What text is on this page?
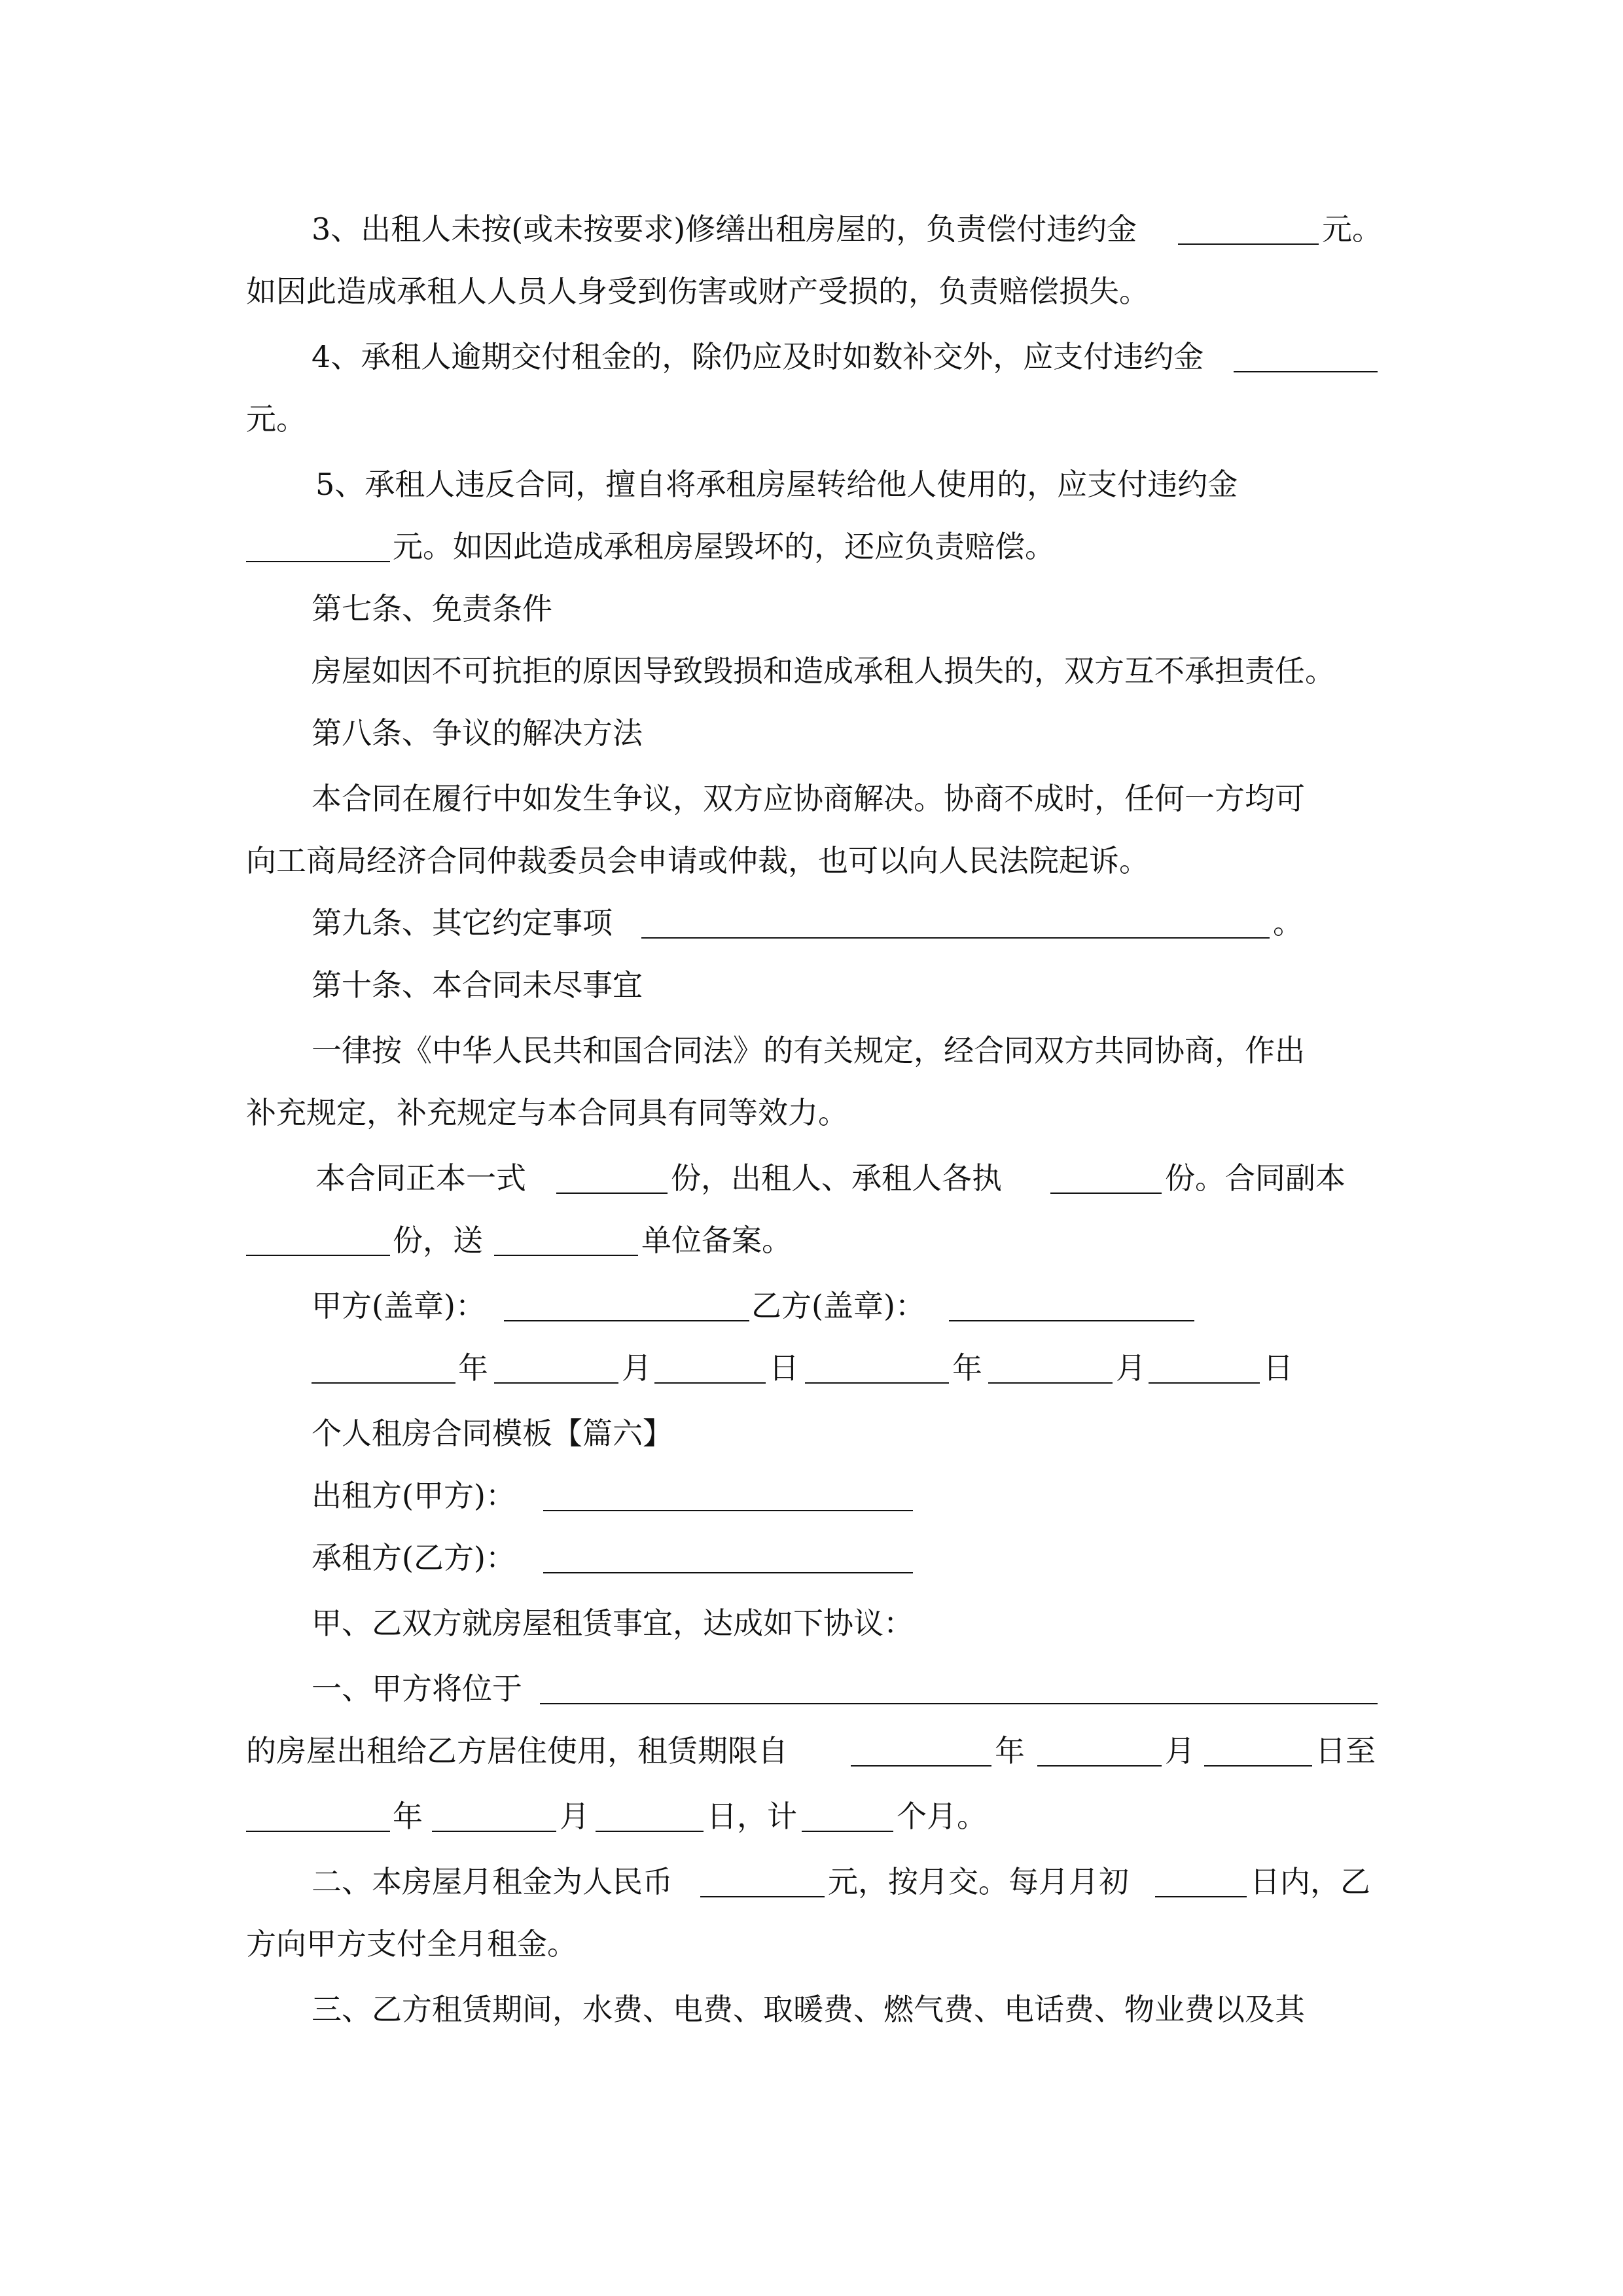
3、出租人未按(或未按要求)修缮出租房屋的，负责偿付违约金	元。
如因此造成承租人人员人身受到伤害或财产受损的，负责赔偿损失。
4、承租人逾期交付租金的，除仍应及时如数补交外，应支付违约金
元。
5、承租人违反合同，擅自将承租房屋转给他人使用的，应支付违约金
元。如因此造成承租房屋毁坏的，还应负责赔偿。
第七条、免责条件
房屋如因不可抗拒的原因导致毁损和造成承租人损失的，双方互不承担责任。
第八条、争议的解决方法
本合同在履行中如发生争议，双方应协商解决。协商不成时，任何一方均可
向工商局经济合同仲裁委员会申请或仲裁，也可以向人民法院起诉。
第九条、其它约定事项	。
第十条、本合同未尽事宜
一律按《中华人民共和国合同法》的有关规定，经合同双方共同协商，作出
补充规定，补充规定与本合同具有同等效力。
本合同正本一式	份，出租人、承租人各执	份。合同副本
份，送	单位备案。
甲方(盖章)：	乙方(盖章)：
年	月	日	年	月	日
个人租房合同模板【篇六】
出租方(甲方)：
承租方(乙方)：
甲、乙双方就房屋租赁事宜，达成如下协议：
一、甲方将位于
的房屋出租给乙方居住使用，租赁期限自	年	月	日至
年	月	日，计	个月。
二、本房屋月租金为人民币	元，按月交。每月月初	日内，乙
方向甲方支付全月租金。
三、乙方租赁期间，水费、电费、取暖费、燃气费、电话费、物业费以及其
